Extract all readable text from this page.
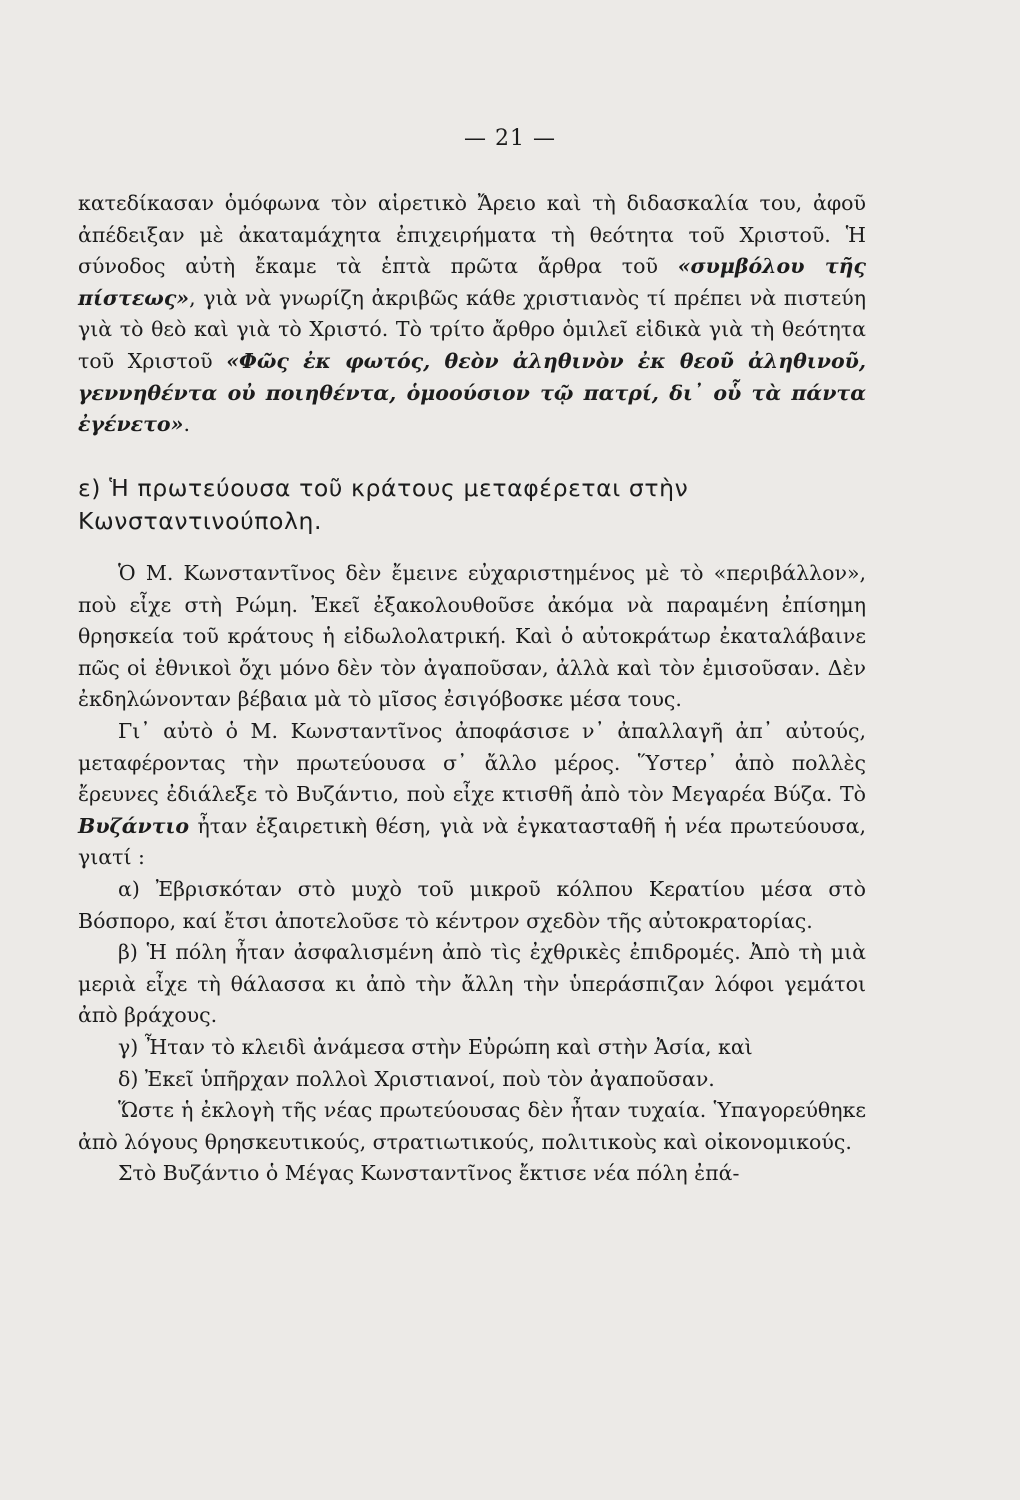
— 21 —

κατεδίκασαν ὁμόφωνα τὸν αἱρετικὸ Ἄρειο καὶ τὴ διδασκαλία του, ἀφοῦ ἀπέδειξαν μὲ ἀκαταμάχητα ἐπιχειρήματα τὴ θεότητα τοῦ Χριστοῦ. Ἡ σύνοδος αὐτὴ ἔκαμε τὰ ἑπτὰ πρῶτα ἄρθρα τοῦ «συμβόλου τῆς πίστεως», γιὰ νὰ γνωρίζη ἀκριβῶς κάθε χριστιανὸς τί πρέπει νὰ πιστεύη γιὰ τὸ θεὸ καὶ γιὰ τὸ Χριστό. Τὸ τρίτο ἄρθρο ὁμιλεῖ εἰδικὰ γιὰ τὴ θεότητα τοῦ Χριστοῦ «Φῶς ἐκ φωτός, θεὸν ἀληθινὸν ἐκ θεοῦ ἀληθινοῦ, γεννηθέντα οὐ ποιηθέντα, ὁμοούσιον τῷ πατρί, δι᾽ οὗ τὰ πάντα ἐγένετο».

ε) Ἡ πρωτεύουσα τοῦ κράτους μεταφέρεται στὴν Κωνσταντινούπολη.

Ὁ Μ. Κωνσταντῖνος δὲν ἔμεινε εὐχαριστημένος μὲ τὸ «περιβάλλον», ποὺ εἶχε στὴ Ρώμη. Ἐκεῖ ἐξακολουθοῦσε ἀκόμα νὰ παραμένη ἐπίσημη θρησκεία τοῦ κράτους ἡ εἰδωλολατρική. Καὶ ὁ αὐτοκράτωρ ἐκαταλάβαινε πῶς οἱ ἐθνικοὶ ὄχι μόνο δὲν τὸν ἀγαποῦσαν, ἀλλὰ καὶ τὸν ἐμισοῦσαν. Δὲν ἐκδηλώνονταν βέβαια μὰ τὸ μῖσος ἐσιγόβοσκε μέσα τους.

Γι᾽ αὐτὸ ὁ Μ. Κωνσταντῖνος ἀποφάσισε ν᾽ ἀπαλλαγῆ ἀπ᾽ αὐτούς, μεταφέροντας τὴν πρωτεύουσα σ᾽ ἄλλο μέρος. Ὕστερ᾽ ἀπὸ πολλὲς ἔρευνες ἐδιάλεξε τὸ Βυζάντιο, ποὺ εἶχε κτισθῆ ἀπὸ τὸν Μεγαρέα Βύζα. Τὸ Βυζάντιο ἦταν ἐξαιρετικὴ θέση, γιὰ νὰ ἐγκατασταθῆ ἡ νέα πρωτεύουσα, γιατί :

α) Ἐβρισκόταν στὸ μυχὸ τοῦ μικροῦ κόλπου Κερατίου μέσα στὸ Βόσπορο, καί ἔτσι ἀποτελοῦσε τὸ κέντρον σχεδὸν τῆς αὐτοκρατορίας.

β) Ἡ πόλη ἦταν ἀσφαλισμένη ἀπὸ τὶς ἐχθρικὲς ἐπιδρομές. Ἀπὸ τὴ μιὰ μεριὰ εἶχε τὴ θάλασσα κι ἀπὸ τὴν ἄλλη τὴν ὑπεράσπιζαν λόφοι γεμάτοι ἀπὸ βράχους.

γ) Ἦταν τὸ κλειδὶ ἀνάμεσα στὴν Εὐρώπη καὶ στὴν Ἀσία, καὶ

δ) Ἐκεῖ ὑπῆρχαν πολλοὶ Χριστιανοί, ποὺ τὸν ἀγαποῦσαν.

Ὥστε ἡ ἐκλογὴ τῆς νέας πρωτεύουσας δὲν ἦταν τυχαία. Ὑπαγορεύθηκε ἀπὸ λόγους θρησκευτικούς, στρατιωτικούς, πολιτικοὺς καὶ οἰκονομικούς.

Στὸ Βυζάντιο ὁ Μέγας Κωνσταντῖνος ἔκτισε νέα πόλη ἐπά-
